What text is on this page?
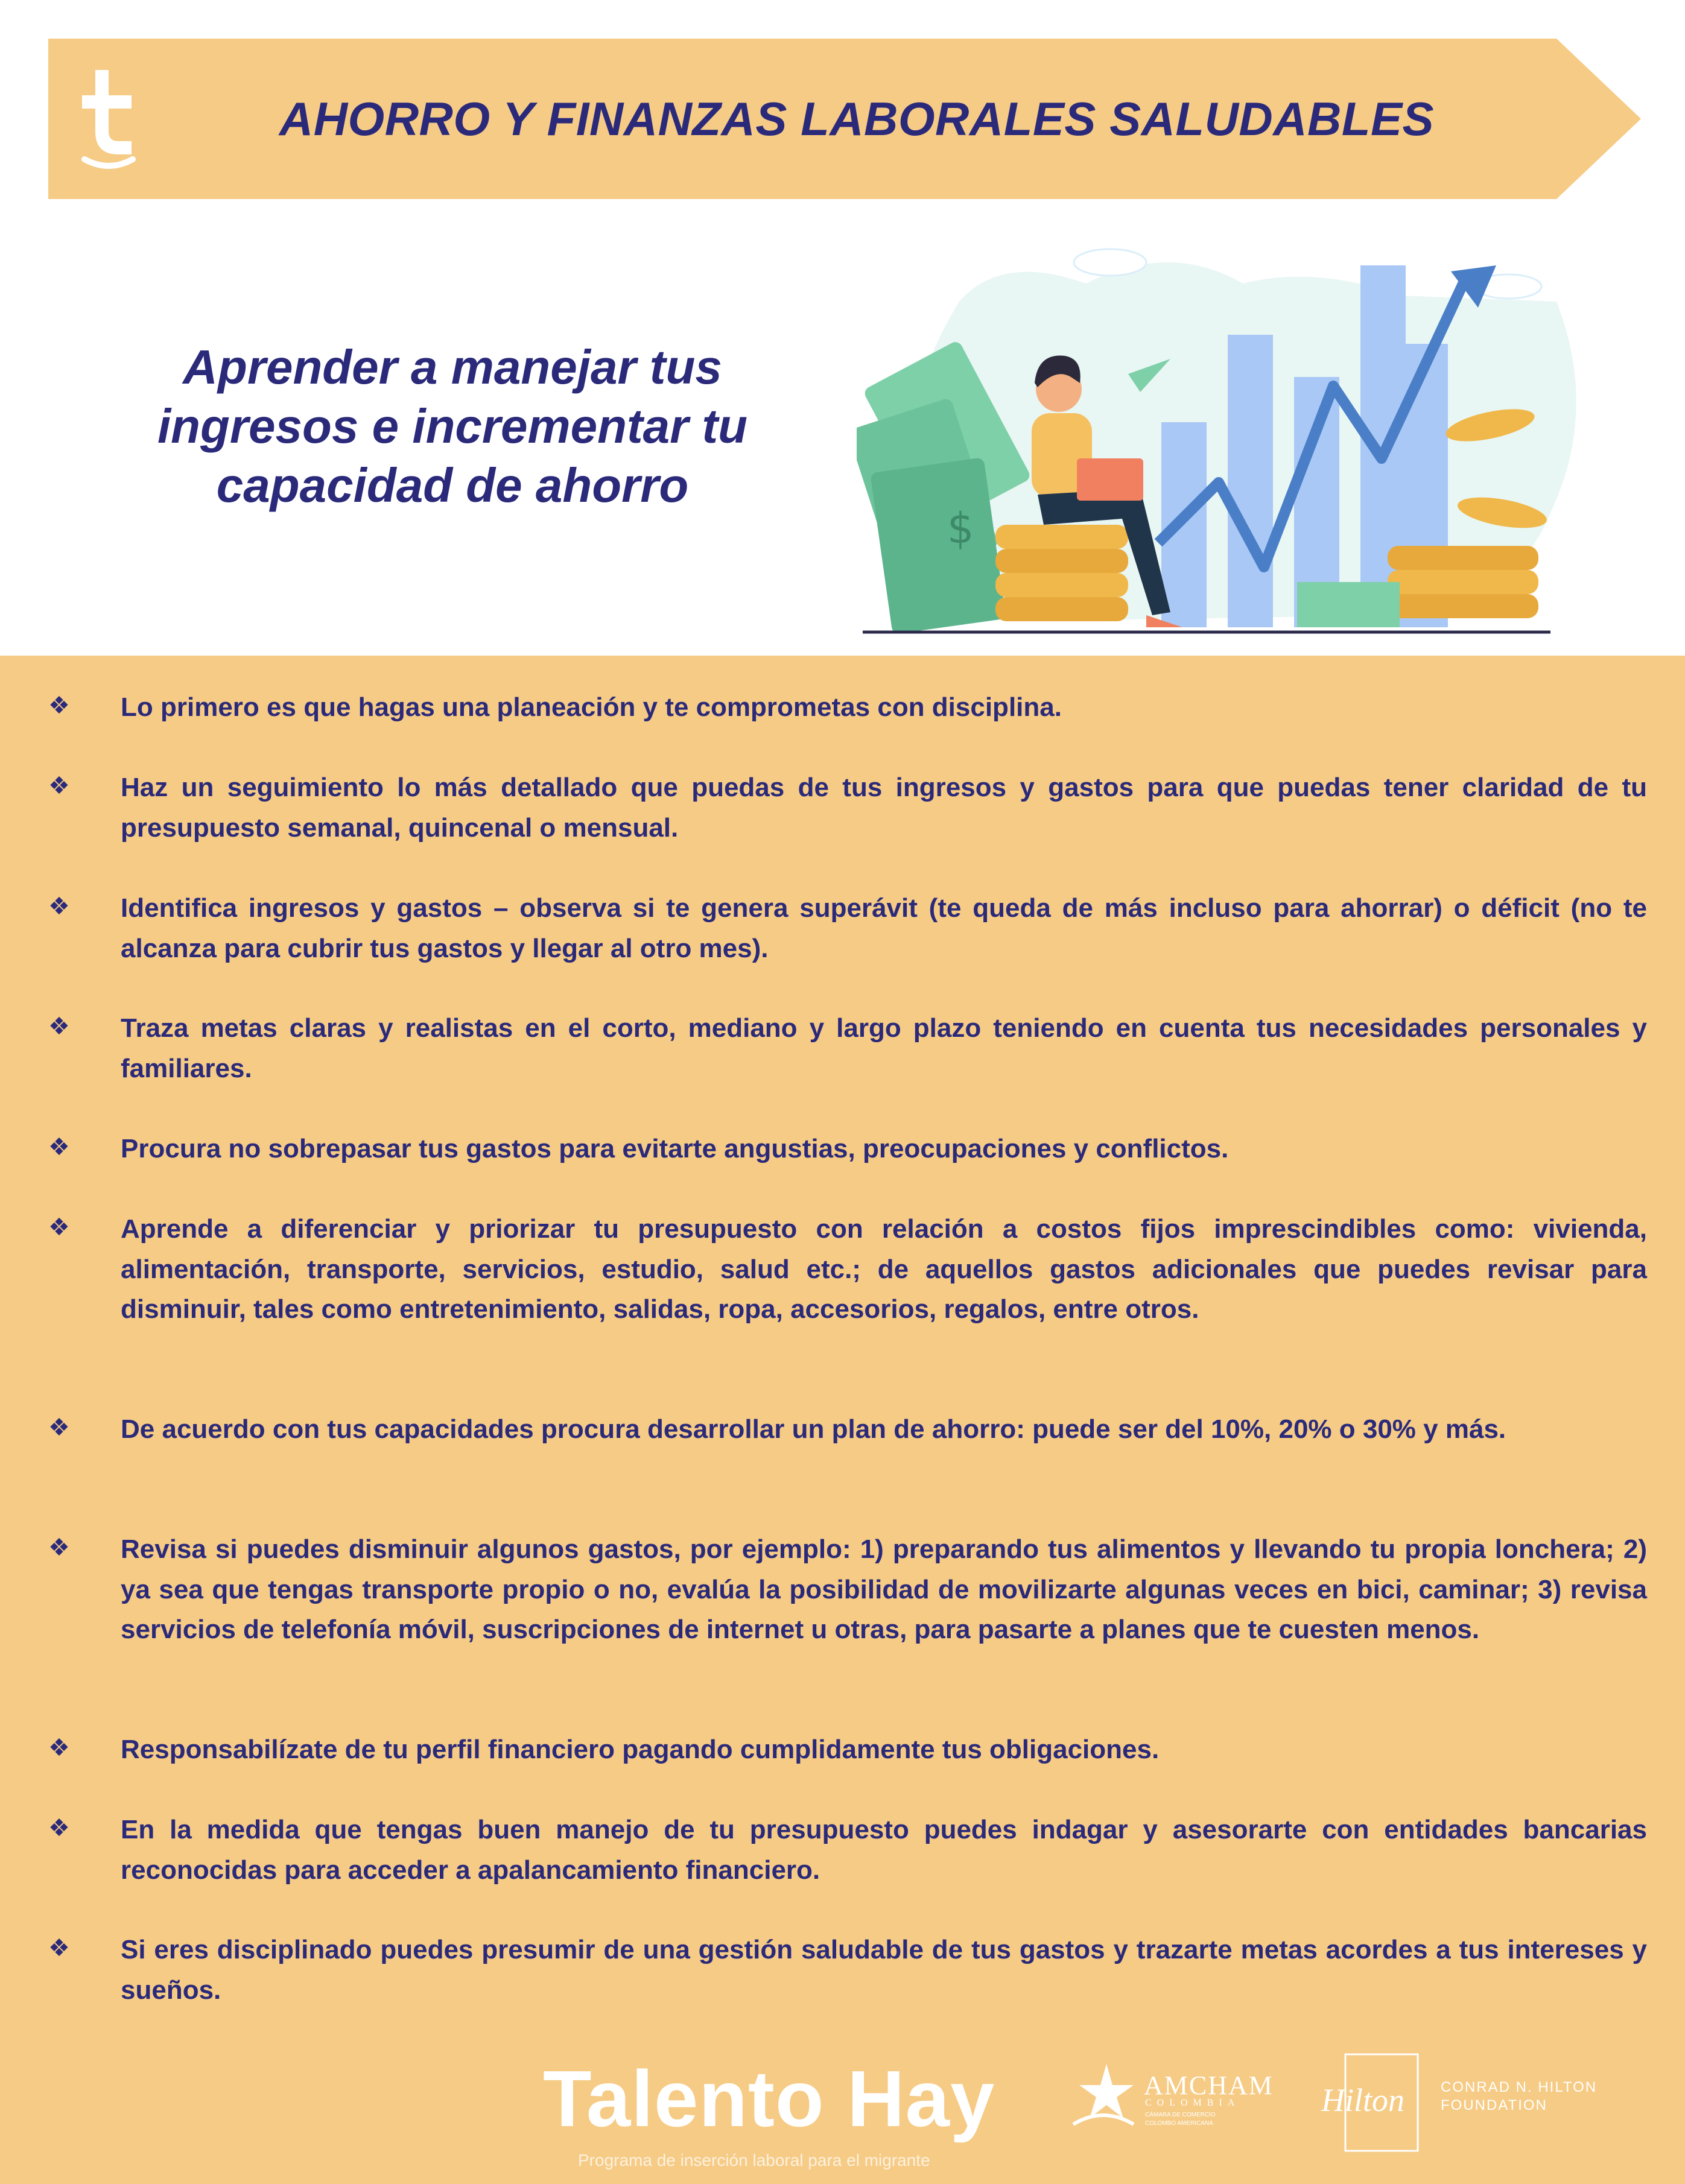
AHORRO Y FINANZAS LABORALES SALUDABLES
Aprender a manejar tus
ingresos e incrementar tu
capacidad de ahorro
$
❖ Lo primero es que hagas una planeación y te comprometas con disciplina.
❖ Haz un seguimiento lo más detallado que puedas de tus ingresos y gastos para que puedas tener claridad de tu presupuesto semanal, quincenal o mensual.
❖ Identifica ingresos y gastos – observa si te genera superávit (te queda de más incluso para ahorrar) o déficit (no te alcanza para cubrir tus gastos y llegar al otro mes).
❖ Traza metas claras y realistas en el corto, mediano y largo plazo teniendo en cuenta tus necesidades personales y familiares.
❖ Procura no sobrepasar tus gastos para evitarte angustias, preocupaciones y conflictos.
❖ Aprende a diferenciar y priorizar tu presupuesto con relación a costos fijos imprescindibles como: vivienda, alimentación, transporte, servicios, estudio, salud etc.; de aquellos gastos adicionales que puedes revisar para disminuir, tales como entretenimiento, salidas, ropa, accesorios, regalos, entre otros.
❖ De acuerdo con tus capacidades procura desarrollar un plan de ahorro: puede ser del 10%, 20% o 30% y más.
❖ Revisa si puedes disminuir algunos gastos, por ejemplo: 1) preparando tus alimentos y llevando tu propia lonchera; 2) ya sea que tengas transporte propio o no, evalúa la posibilidad de movilizarte algunas veces en bici, caminar; 3) revisa servicios de telefonía móvil, suscripciones de internet u otras, para pasarte a planes que te cuesten menos.
❖ Responsabilízate de tu perfil financiero pagando cumplidamente tus obligaciones.
❖ En la medida que tengas buen manejo de tu presupuesto puedes indagar y asesorarte con entidades bancarias reconocidas para acceder a apalancamiento financiero.
❖ Si eres disciplinado puedes presumir de una gestión saludable de tus gastos y trazarte metas acordes a tus intereses y sueños.
Talento Hay
Programa de inserción laboral para el migrante
AMCHAM
COLOMBIA
CÁMARA DE COMERCIO
COLOMBO AMERICANA
Hilton CONRAD N. HILTON
FOUNDATION
